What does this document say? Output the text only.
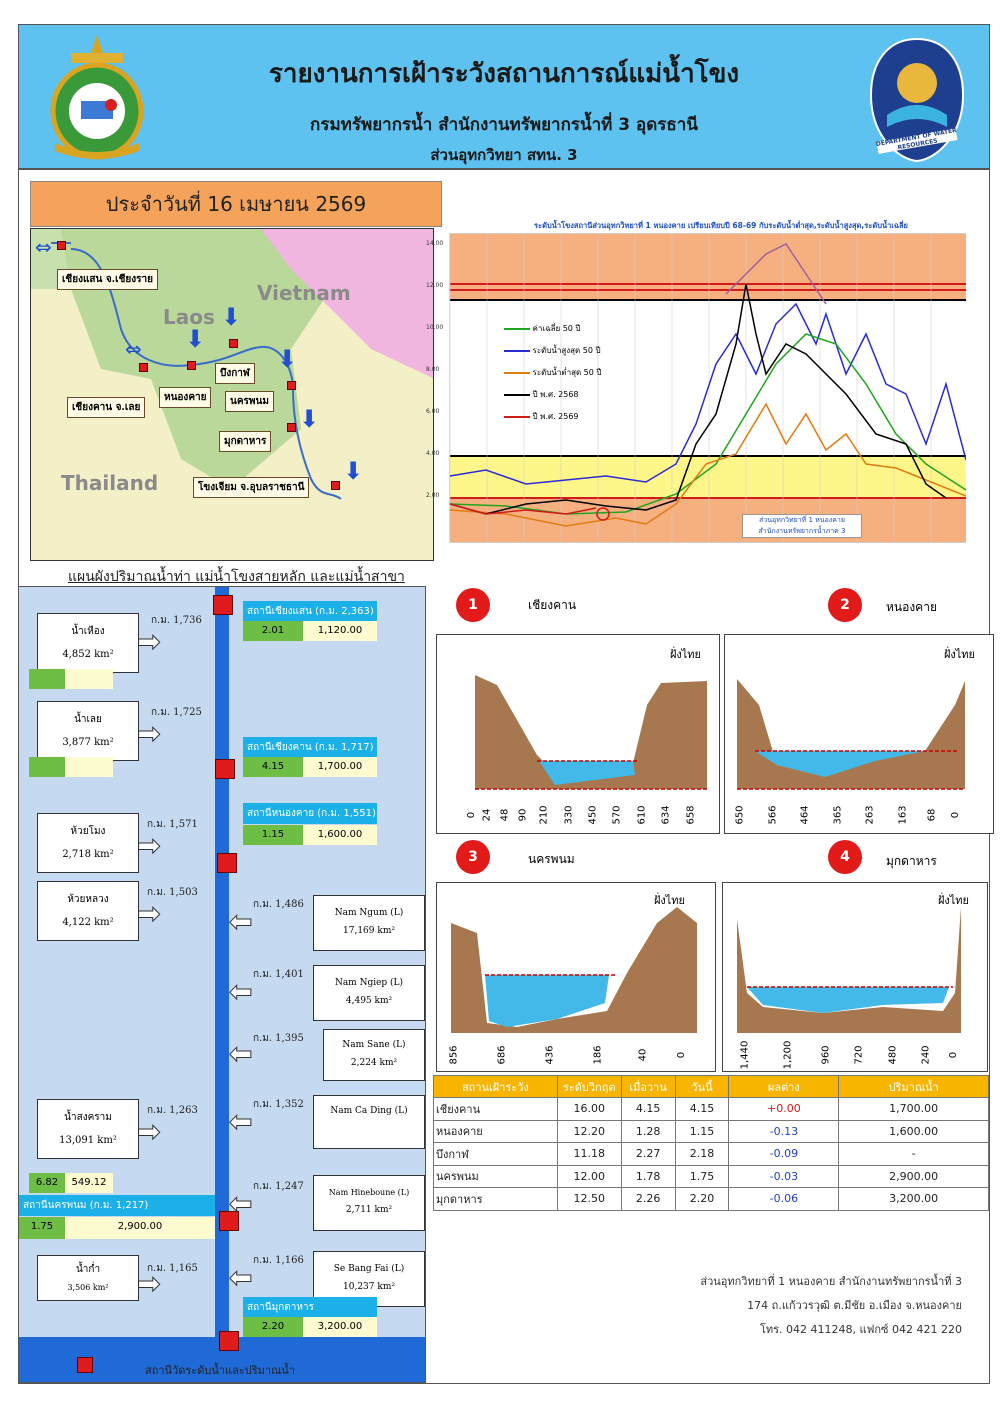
รายงานการเฝ้าระวังสถานการณ์แม่น้ำโขง
กรมทรัพยากรน้ำ สำนักงานทรัพยากรน้ำที่ 3 อุดรธานี
ส่วนอุทกวิทยา สทน. 3
DEPARTMENT OF WATER RESOURCES
ประจำวันที่ 16 เมษายน 2569
Laos
Vietnam
Thailand
⇔
⇔ ⬇
⬇
⬇
⬇
⬇
เชียงแสน จ.เชียงราย
เชียงคาน จ.เลย
หนองคาย
บึงกาฬ
นครพนม
มุกดาหาร
โขงเจียม จ.อุบลราชธานี
ระดับน้ำโขงสถานีส่วนอุทกวิทยาที่ 1 หนองคาย เปรียบเทียบปี 68-69 กับระดับน้ำต่ำสุด,ระดับน้ำสูงสุด,ระดับน้ำเฉลี่ย
14.00
12.00
10.00
8.00
6.00
4.00
2.00
ค่าเฉลี่ย 50 ปี
ระดับน้ำสูงสุด 50 ปี
ระดับน้ำต่ำสุด 50 ปี
ปี พ.ศ. 2568
ปี พ.ศ. 2569
ส่วนอุทกวิทยาที่ 1 หนองคาย
สำนักงานทรัพยากรน้ำภาค 3
แผนผังปริมาณน้ำท่า แม่น้ำโขงสายหลัก และแม่น้ำสาขา
สถานีวัดระดับน้ำและปริมาณน้ำ
น้ำเหือง
4,852 km²
ก.ม. 1,736
➡
น้ำเลย
3,877 km²
ก.ม. 1,725
➡
ห้วยโมง
2,718 km²
ก.ม. 1,571
➡
ห้วยหลวง
4,122 km²
ก.ม. 1,503
➡
น้ำสงคราม
13,091 km²
ก.ม. 1,263
➡
6.82	549.12
น้ำก่ำ
3,506 km²
ก.ม. 1,165
➡
Nam Ngum (L)
17,169 km²
ก.ม. 1,486
⬅
Nam Ngiep (L)
4,495 km²
ก.ม. 1,401
⬅
Nam Sane (L)
2,224 km²
ก.ม. 1,395
⬅
Nam Ca Ding (L)
ก.ม. 1,352
⬅
Nam Hineboune (L)
2,711 km²
ก.ม. 1,247
⬅
Se Bang Fai (L)
10,237 km²
ก.ม. 1,166
⬅
สถานีเชียงแสน (ก.ม. 2,363)
2.01	1,120.00
สถานีเชียงคาน (ก.ม. 1,717)
4.15	1,700.00
สถานีหนองคาย (ก.ม. 1,551)
1.15	1,600.00
สถานีนครพนม (ก.ม. 1,217)
1.75	2,900.00
สถานีมุกดาหาร
2.20	3,200.00
1	เชียงคาน	2	หนองคาย
ฝั่งไทย
0 24 48 90	210	330	450	570	610	634	658
ฝั่งไทย
650	566	464	365	263	163	68	0
3	นครพนม	4	มุกดาหาร
ฝั่งไทย
856	686	436	186	40	0
ฝั่งไทย
1,440	1,200	960	720	480	240	0
สถานเฝ้าระวัง	ระดับวิกฤต	เมื่อวาน	วันนี้	ผลต่าง	ปริมาณน้ำ
เชียงคาน	16.00	4.15	4.15	+0.00	1,700.00
หนองคาย	12.20	1.28	1.15	-0.13	1,600.00
บึงกาฬ	11.18	2.27	2.18	-0.09	-
นครพนม	12.00	1.78	1.75	-0.03	2,900.00
มุกดาหาร	12.50	2.26	2.20	-0.06	3,200.00
ส่วนอุทกวิทยาที่ 1 หนองคาย สำนักงานทรัพยากรน้ำที่ 3
174 ถ.แก้ววรวุฒิ ต.มีชัย อ.เมือง จ.หนองคาย
โทร. 042 411248, แฟกซ์ 042 421 220
